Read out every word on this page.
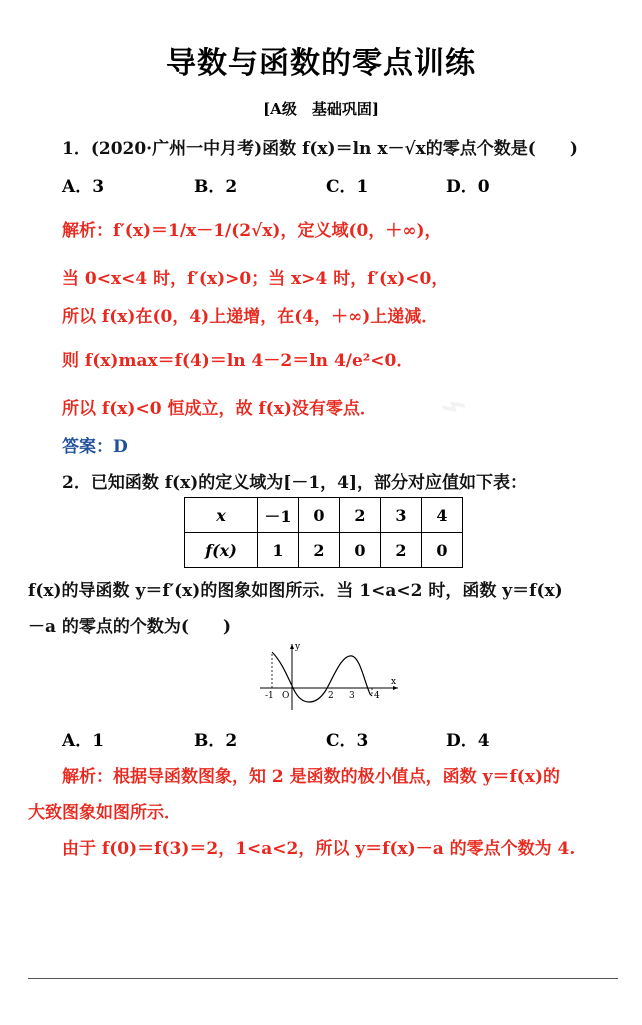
⌁
导数与函数的零点训练
[A级　基础巩固]
1．(2020·广州一中月考)函数 f(x)＝ln x－√x的零点个数是(　　)
A．3	B．2	C．1	D．0
解析：f′(x)＝1/x－1/(2√x)，定义域(0，＋∞)，
当 0<x<4 时，f′(x)>0；当 x>4 时，f′(x)<0，
所以 f(x)在(0，4)上递增，在(4，＋∞)上递减．
则 f(x)max＝f(4)＝ln 4－2＝ln 4/e²<0．
所以 f(x)<0 恒成立，故 f(x)没有零点．
答案：D
2．已知函数 f(x)的定义域为[－1，4]，部分对应值如下表：
x	－1	0	2	3	4
f(x)	1	2	0	2	0
f(x)的导函数 y＝f′(x)的图象如图所示．当 1<a<2 时，函数 y＝f(x)
－a 的零点的个数为(　　)
y
x
-1 O	2 3 4
A．1	B．2	C．3	D．4
解析：根据导函数图象，知 2 是函数的极小值点，函数 y＝f(x)的
大致图象如图所示．
由于 f(0)＝f(3)＝2，1<a<2，所以 y＝f(x)－a 的零点个数为 4.
